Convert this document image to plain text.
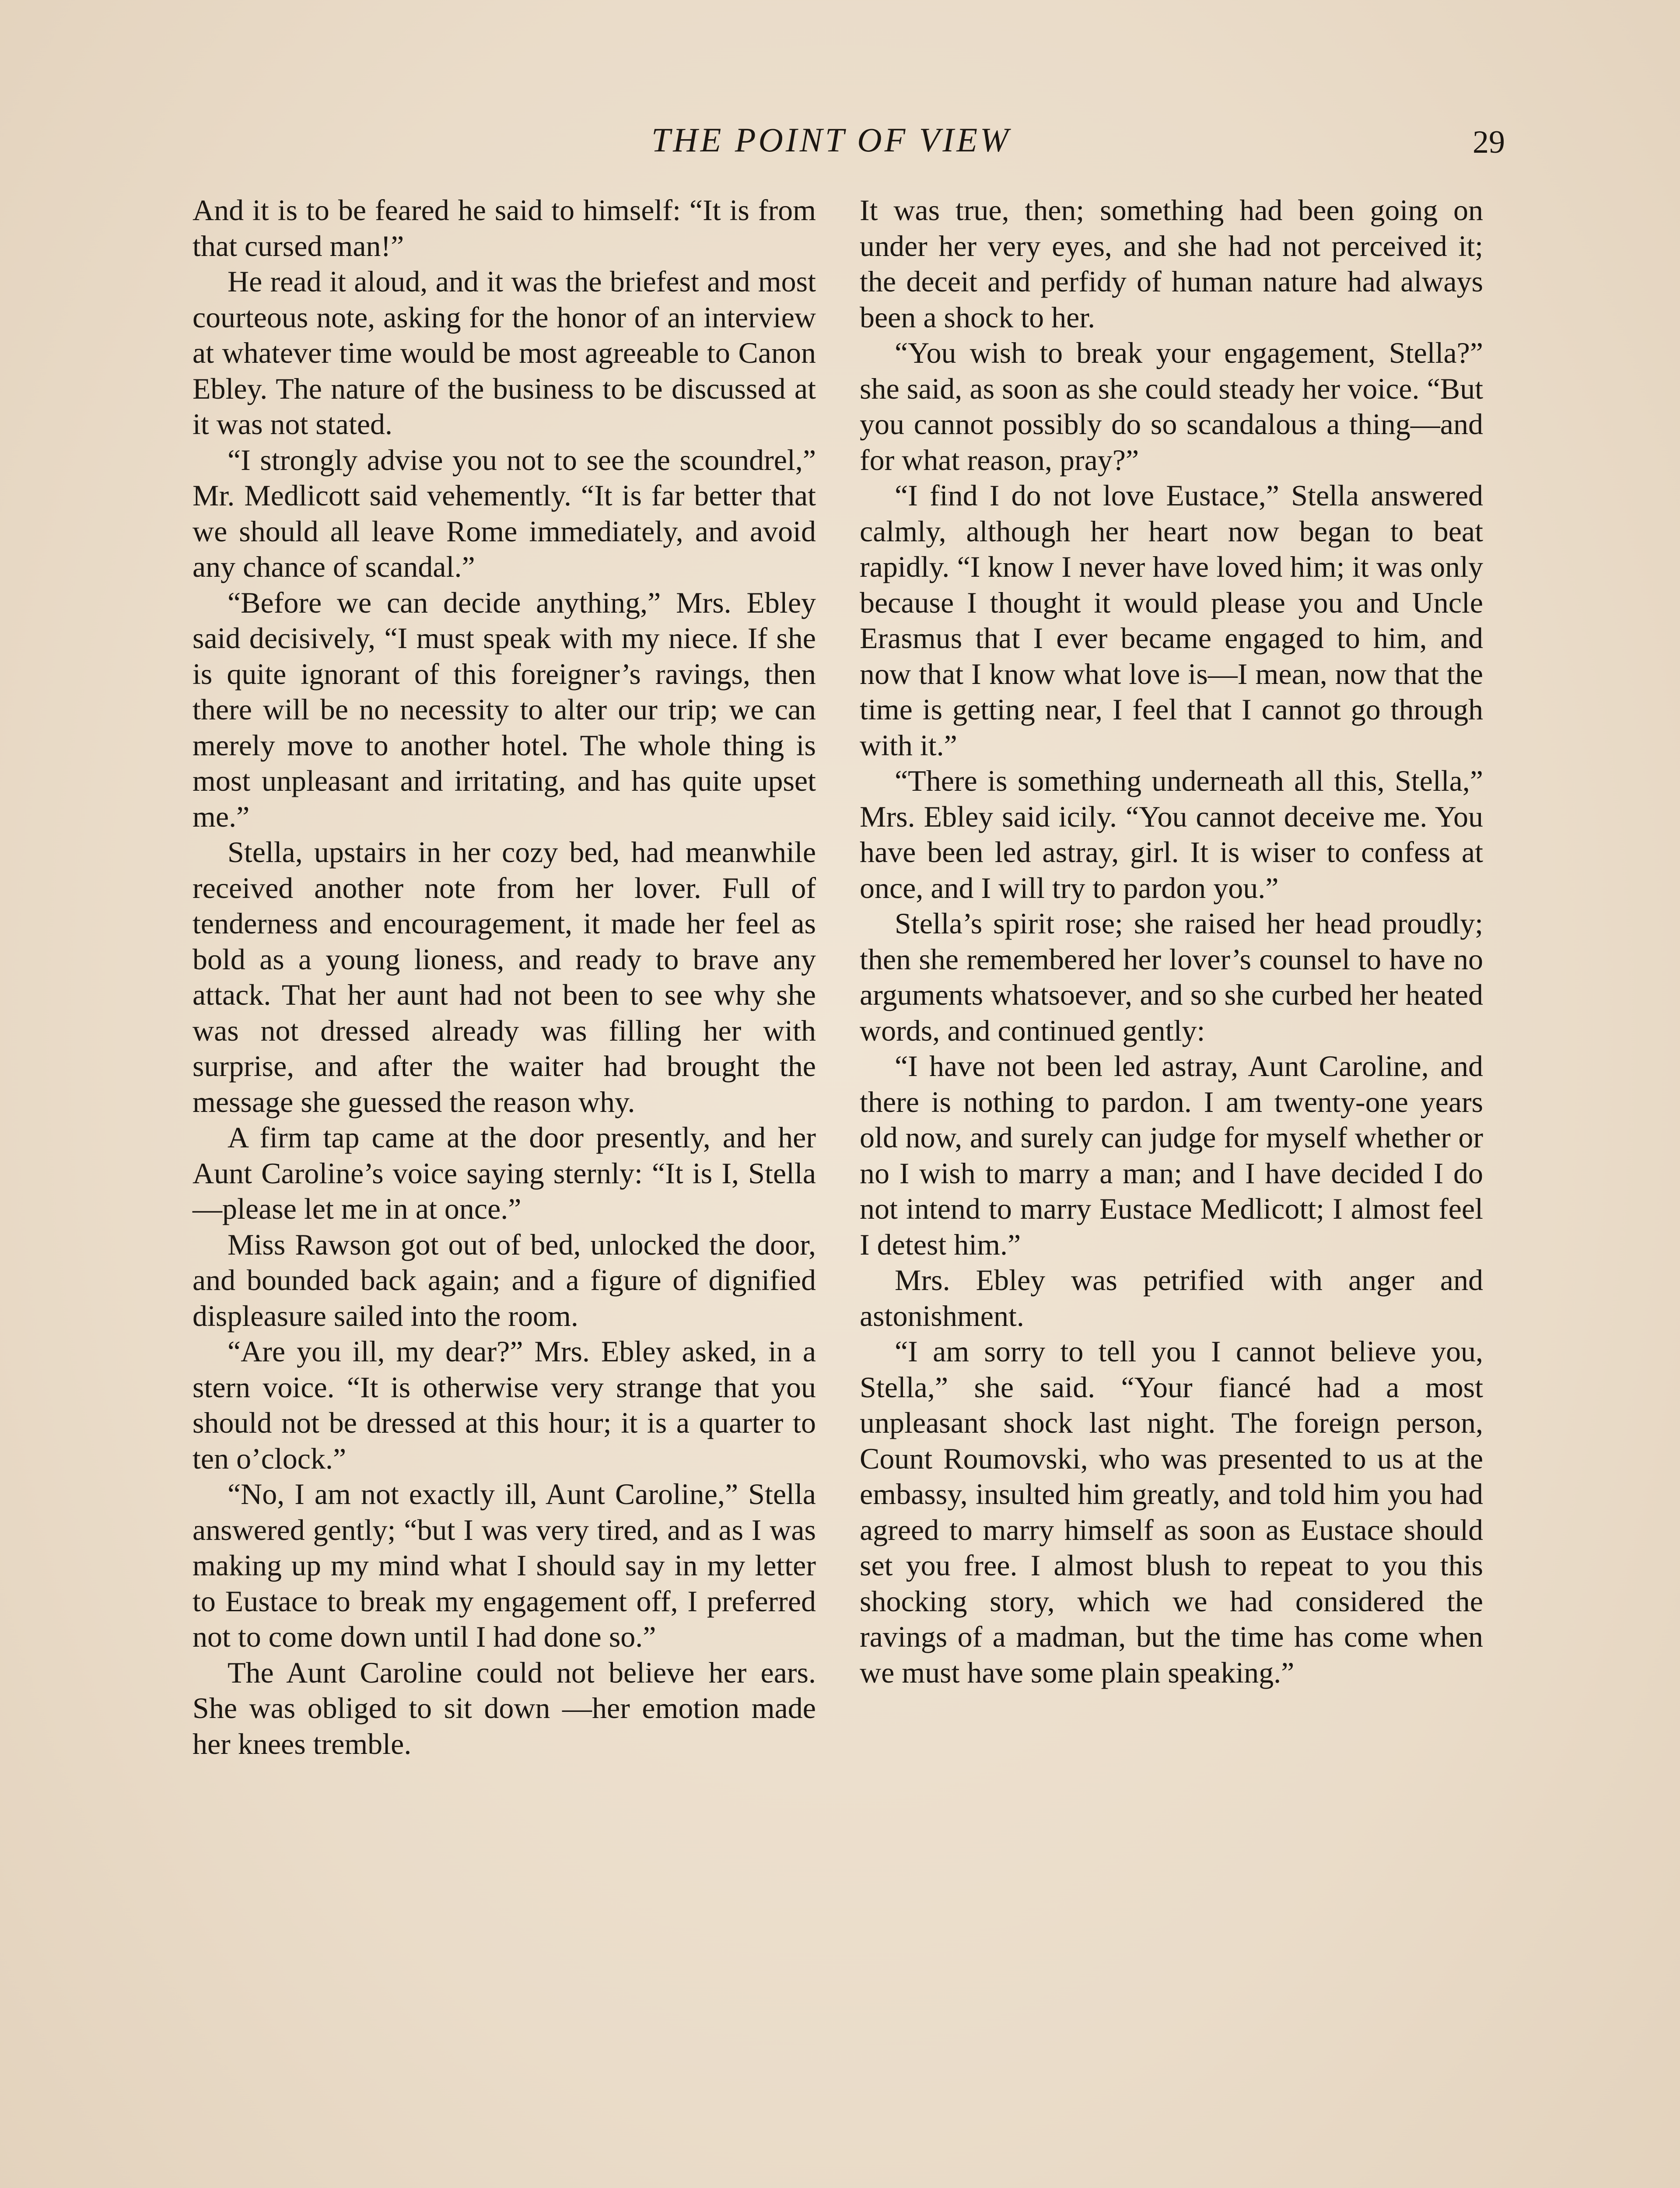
THE POINT OF VIEW	29

And it is to be feared he said to himself: “It is from that cursed man!”

He read it aloud, and it was the briefest and most courteous note, asking for the honor of an interview at whatever time would be most agreeable to Canon Ebley. The nature of the business to be discussed at it was not stated.

“I strongly advise you not to see the scoundrel,” Mr. Medlicott said vehemently. “It is far better that we should all leave Rome immediately, and avoid any chance of scandal.”

“Before we can decide anything,” Mrs. Ebley said decisively, “I must speak with my niece. If she is quite ignorant of this foreigner’s ravings, then there will be no necessity to alter our trip; we can merely move to another hotel. The whole thing is most unpleasant and irritating, and has quite upset me.”

Stella, upstairs in her cozy bed, had meanwhile received another note from her lover. Full of tenderness and encouragement, it made her feel as bold as a young lioness, and ready to brave any attack. That her aunt had not been to see why she was not dressed already was filling her with surprise, and after the waiter had brought the message she guessed the reason why.

A firm tap came at the door presently, and her Aunt Caroline’s voice saying sternly: “It is I, Stella—please let me in at once.”

Miss Rawson got out of bed, unlocked the door, and bounded back again; and a figure of dignified displeasure sailed into the room.

“Are you ill, my dear?” Mrs. Ebley asked, in a stern voice. “It is otherwise very strange that you should not be dressed at this hour; it is a quarter to ten o’clock.”

“No, I am not exactly ill, Aunt Caroline,” Stella answered gently; “but I was very tired, and as I was making up my mind what I should say in my letter to Eustace to break my engagement off, I preferred not to come down until I had done so.”

The Aunt Caroline could not believe her ears. She was obliged to sit down —her emotion made her knees tremble.

It was true, then; something had been going on under her very eyes, and she had not perceived it; the deceit and perfidy of human nature had always been a shock to her.

“You wish to break your engagement, Stella?” she said, as soon as she could steady her voice. “But you cannot possibly do so scandalous a thing—and for what reason, pray?”

“I find I do not love Eustace,” Stella answered calmly, although her heart now began to beat rapidly. “I know I never have loved him; it was only because I thought it would please you and Uncle Erasmus that I ever became engaged to him, and now that I know what love is—I mean, now that the time is getting near, I feel that I cannot go through with it.”

“There is something underneath all this, Stella,” Mrs. Ebley said icily. “You cannot deceive me. You have been led astray, girl. It is wiser to confess at once, and I will try to pardon you.”

Stella’s spirit rose; she raised her head proudly; then she remembered her lover’s counsel to have no arguments whatsoever, and so she curbed her heated words, and continued gently:

“I have not been led astray, Aunt Caroline, and there is nothing to pardon. I am twenty-one years old now, and surely can judge for myself whether or no I wish to marry a man; and I have decided I do not intend to marry Eustace Medlicott; I almost feel I detest him.”

Mrs. Ebley was petrified with anger and astonishment.

“I am sorry to tell you I cannot believe you, Stella,” she said. “Your fiancé had a most unpleasant shock last night. The foreign person, Count Roumovski, who was presented to us at the embassy, insulted him greatly, and told him you had agreed to marry himself as soon as Eustace should set you free. I almost blush to repeat to you this shocking story, which we had considered the ravings of a madman, but the time has come when we must have some plain speaking.”
